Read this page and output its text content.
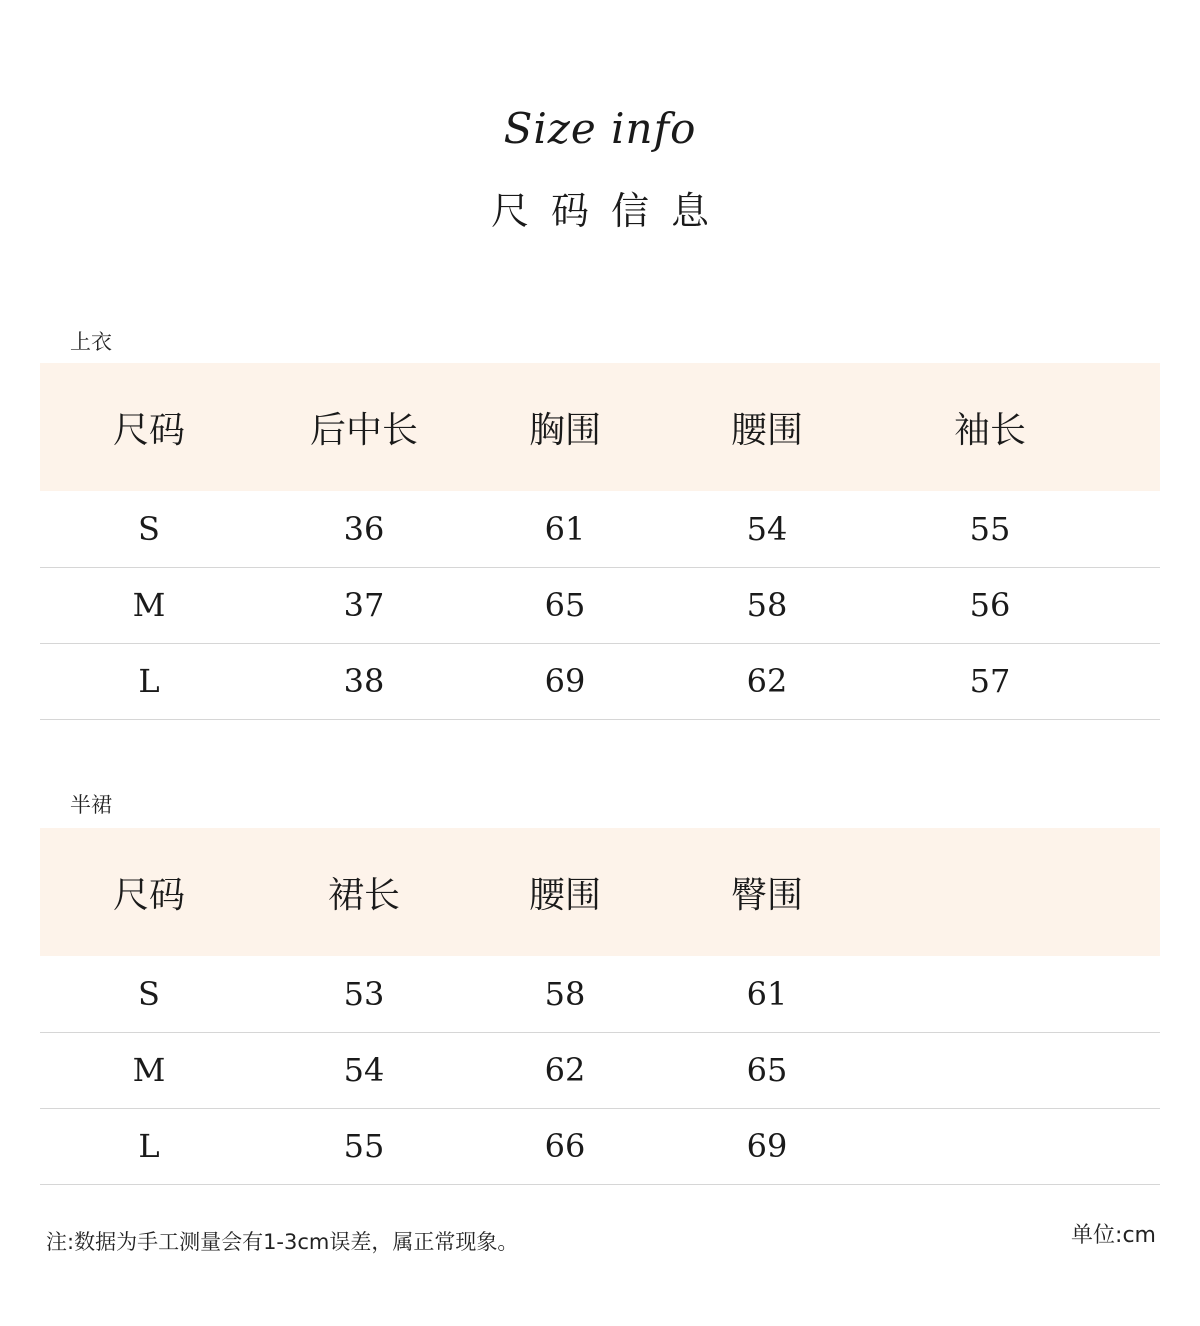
Size info
尺码信息
上衣
尺码	后中长	胸围	腰围	袖长	
S	36	61	54	55	
M	37	65	58	56	
L	38	69	62	57	
半裙
尺码	裙长	腰围	臀围		
S	53	58	61		
M	54	62	65		
L	55	66	69		
注:数据为手工测量会有1-3cm误差，属正常现象。	单位:cm
